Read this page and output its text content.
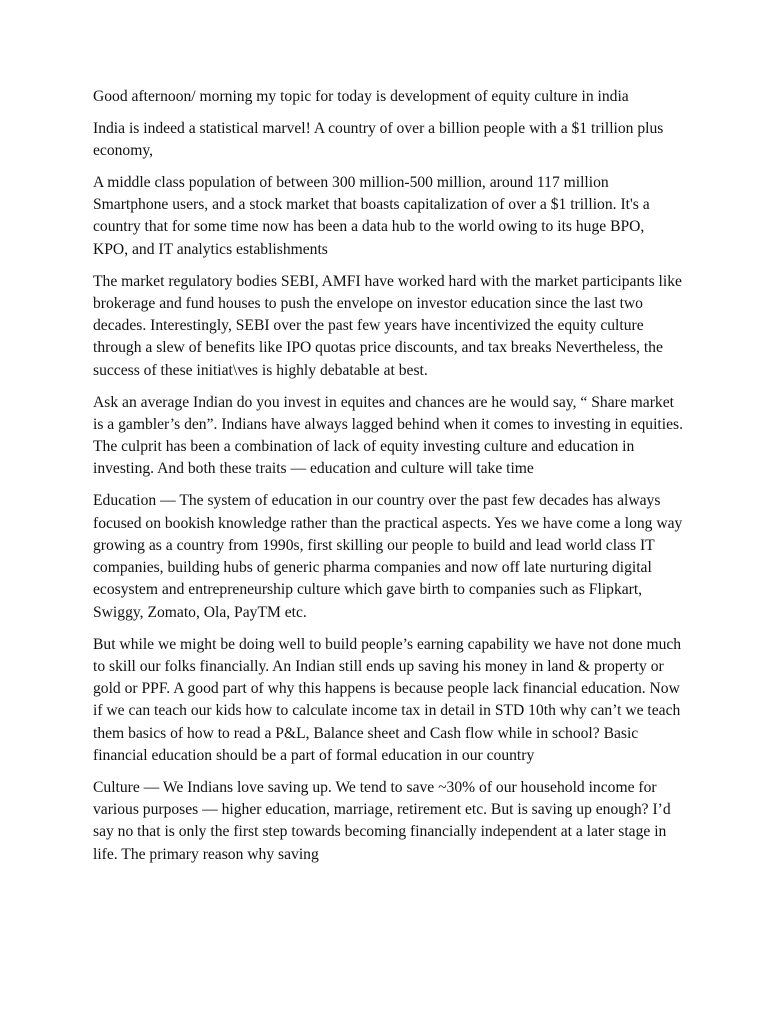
Good afternoon/ morning my topic for today is development of equity culture in india

India is indeed a statistical marvel! A country of over a billion people with a $1 trillion plus economy,

A middle class population of between 300 million-500 million, around 117 million Smartphone users, and a stock market that boasts capitalization of over a $1 trillion. It's a country that for some time now has been a data hub to the world owing to its huge BPO, KPO, and IT analytics establishments

The market regulatory bodies SEBI, AMFI have worked hard with the market participants like brokerage and fund houses to push the envelope on investor education since the last two decades. Interestingly, SEBI over the past few years have incentivized the equity culture through a slew of benefits like IPO quotas price discounts, and tax breaks Nevertheless, the success of these initiat\ves is highly debatable at best.

Ask an average Indian do you invest in equites and chances are he would say, “ Share market is a gambler’s den”. Indians have always lagged behind when it comes to investing in equities. The culprit has been a combination of lack of equity investing culture and education in investing. And both these traits — education and culture will take time

Education — The system of education in our country over the past few decades has always focused on bookish knowledge rather than the practical aspects. Yes we have come a long way growing as a country from 1990s, first skilling our people to build and lead world class IT companies, building hubs of generic pharma companies and now off late nurturing digital ecosystem and entrepreneurship culture which gave birth to companies such as Flipkart, Swiggy, Zomato, Ola, PayTM etc.

But while we might be doing well to build people’s earning capability we have not done much to skill our folks financially. An Indian still ends up saving his money in land & property or gold or PPF. A good part of why this happens is because people lack financial education. Now if we can teach our kids how to calculate income tax in detail in STD 10th why can’t we teach them basics of how to read a P&L, Balance sheet and Cash flow while in school? Basic financial education should be a part of formal education in our country

Culture — We Indians love saving up. We tend to save ~30% of our household income for various purposes — higher education, marriage, retirement etc. But is saving up enough? I’d say no that is only the first step towards becoming financially independent at a later stage in life. The primary reason why saving
